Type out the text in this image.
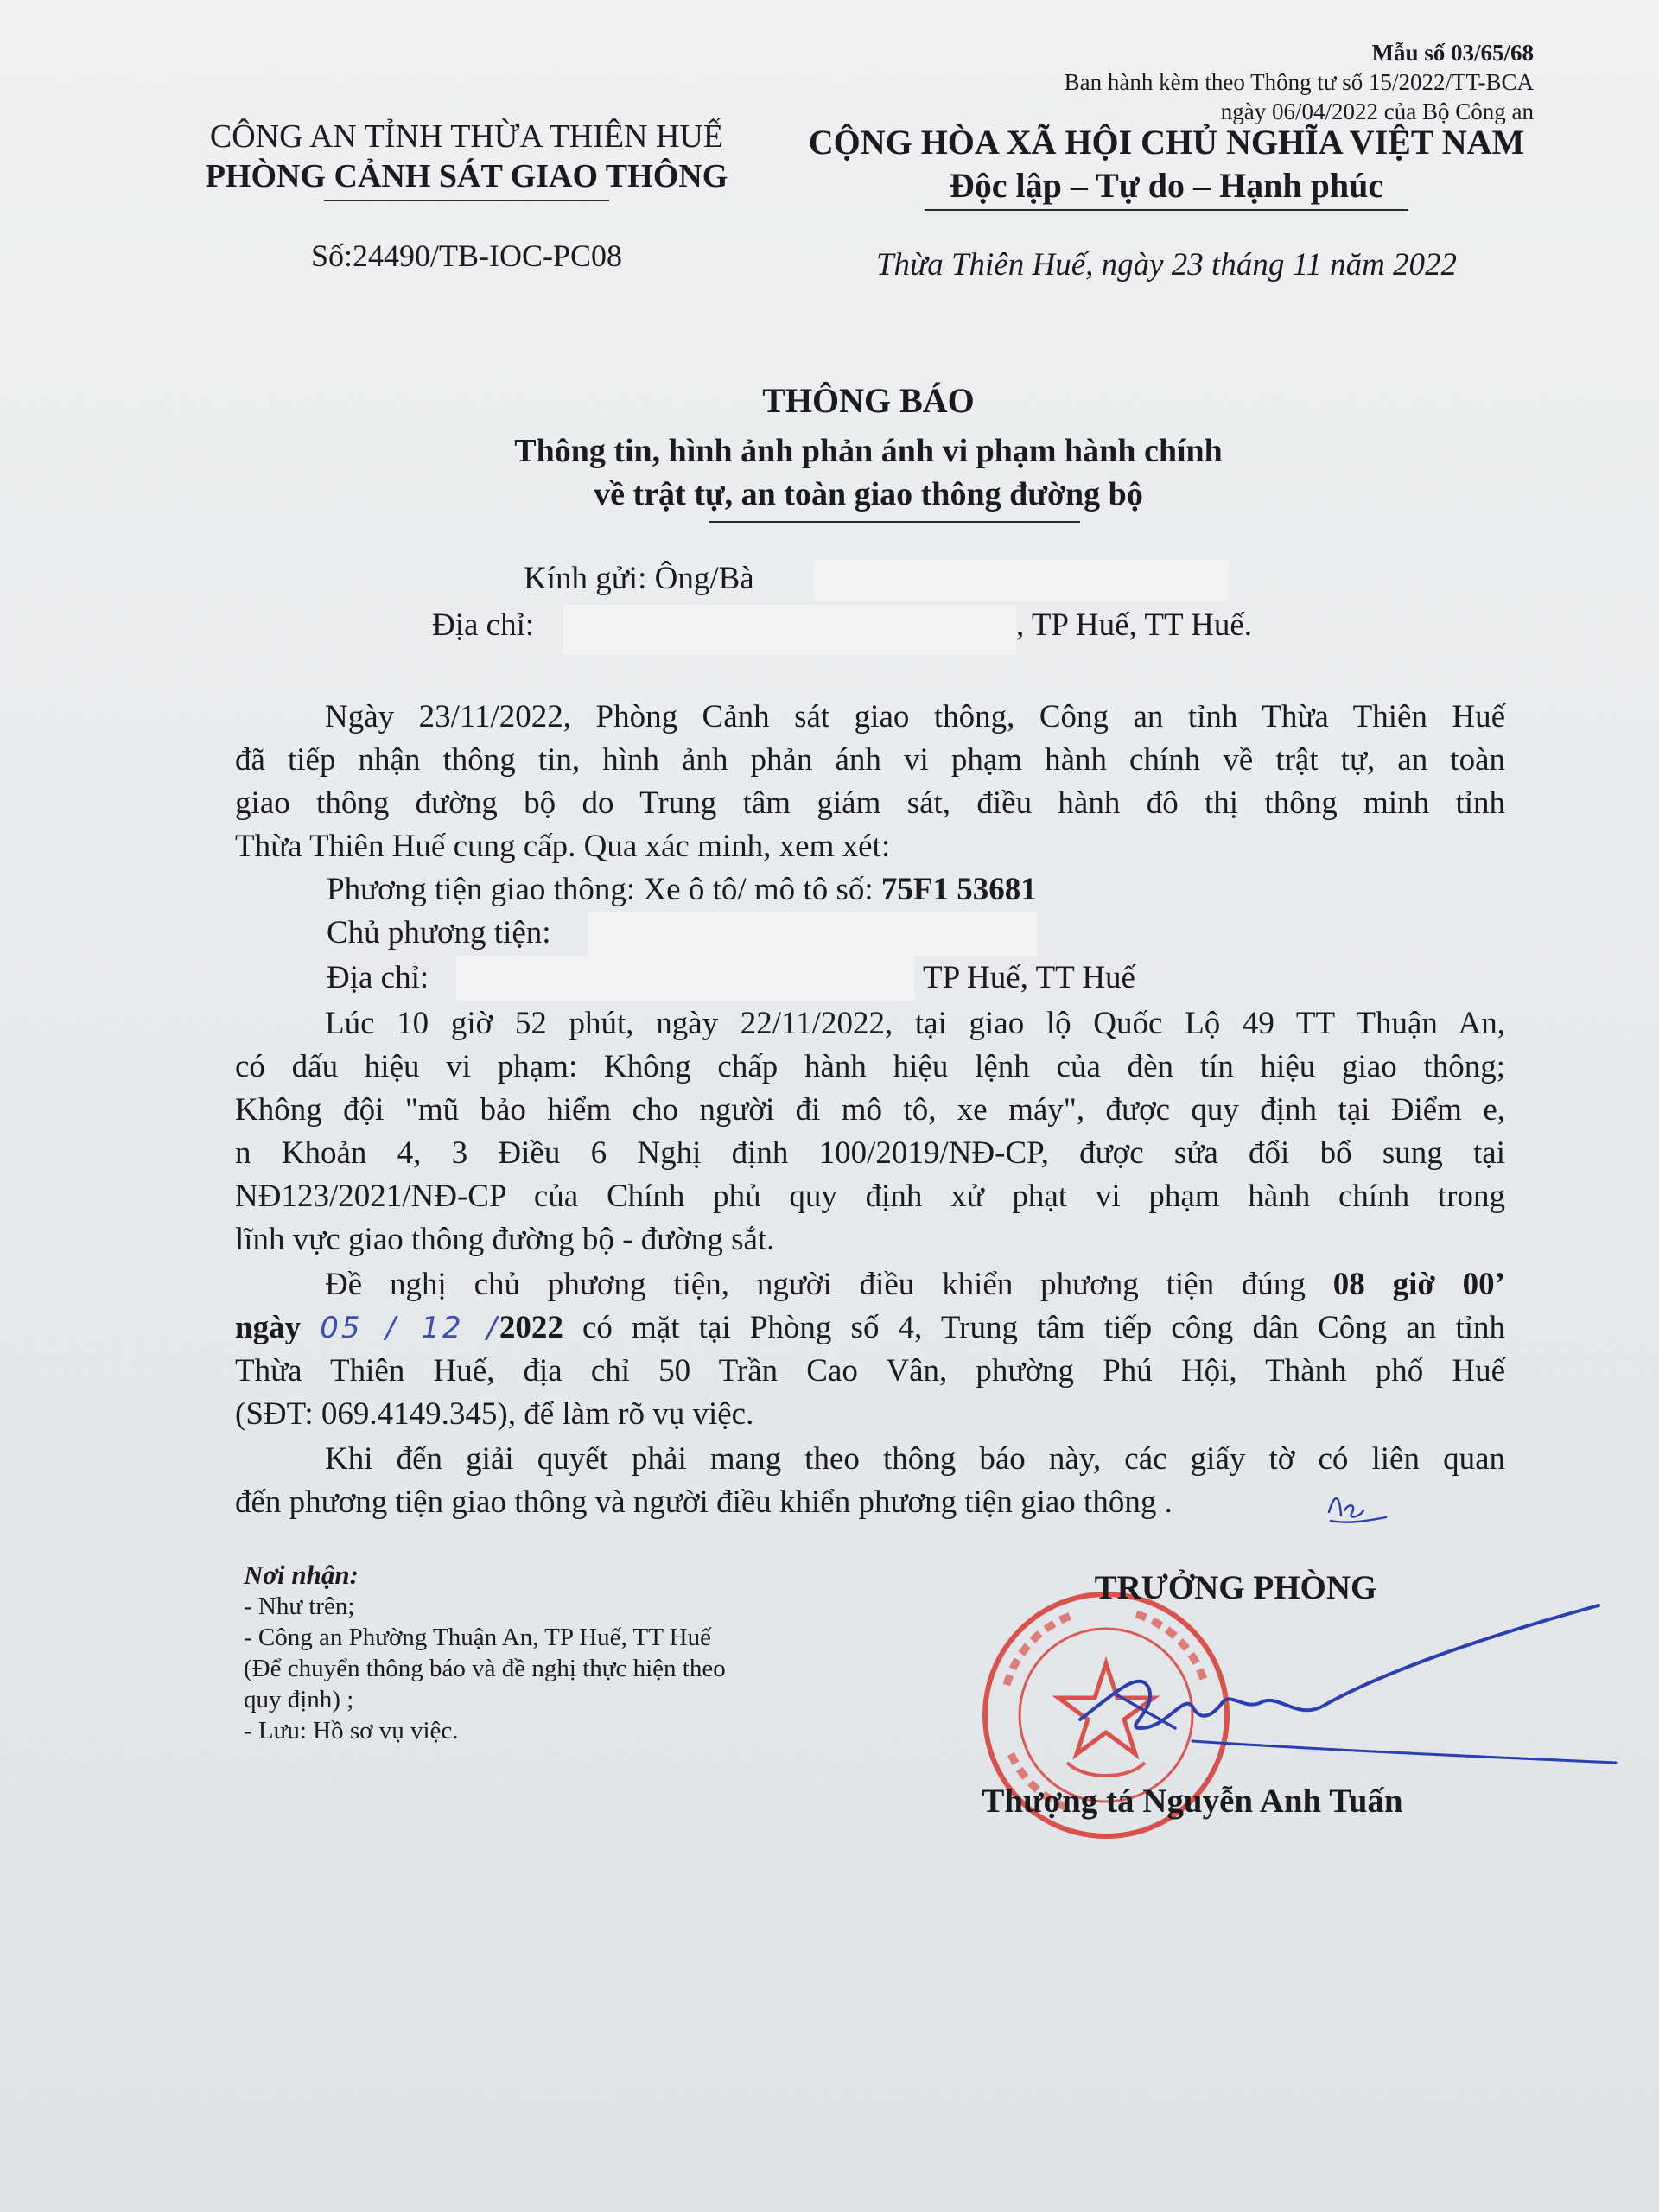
Mẫu số 03/65/68
Ban hành kèm theo Thông tư số 15/2022/TT-BCA
ngày 06/04/2022 của Bộ Công an
CÔNG AN TỈNH THỪA THIÊN HUẾ
PHÒNG CẢNH SÁT GIAO THÔNG
Số:24490/TB-IOC-PC08
CỘNG HÒA XÃ HỘI CHỦ NGHĨA VIỆT NAM
Độc lập – Tự do – Hạnh phúc
Thừa Thiên Huế, ngày 23 tháng 11 năm 2022
THÔNG BÁO
Thông tin, hình ảnh phản ánh vi phạm hành chính
về trật tự, an toàn giao thông đường bộ
Kính gửi: Ông/Bà
Địa chỉ:	, TP Huế, TT Huế.
Ngày 23/11/2022, Phòng Cảnh sát giao thông, Công an tỉnh Thừa Thiên Huế
đã tiếp nhận thông tin, hình ảnh phản ánh vi phạm hành chính về trật tự, an toàn
giao thông đường bộ do Trung tâm giám sát, điều hành đô thị thông minh tỉnh
Thừa Thiên Huế cung cấp. Qua xác minh, xem xét:
Phương tiện giao thông: Xe ô tô/ mô tô số: 75F1 53681
Chủ phương tiện:
Địa chỉ:	TP Huế, TT Huế
Lúc 10 giờ 52 phút, ngày 22/11/2022, tại giao lộ Quốc Lộ 49 TT Thuận An,
có dấu hiệu vi phạm: Không chấp hành hiệu lệnh của đèn tín hiệu giao thông;
Không đội "mũ bảo hiểm cho người đi mô tô, xe máy", được quy định tại Điểm e,
n Khoản 4, 3 Điều 6 Nghị định 100/2019/NĐ-CP, được sửa đổi bổ sung tại
NĐ123/2021/NĐ-CP của Chính phủ quy định xử phạt vi phạm hành chính trong
lĩnh vực giao thông đường bộ - đường sắt.
Đề nghị chủ phương tiện, người điều khiển phương tiện đúng 08 giờ 00’
ngày 05 / 12 /2022 có mặt tại Phòng số 4, Trung tâm tiếp công dân Công an tỉnh
Thừa Thiên Huế, địa chỉ 50 Trần Cao Vân, phường Phú Hội, Thành phố Huế
(SĐT: 069.4149.345), để làm rõ vụ việc.
Khi đến giải quyết phải mang theo thông báo này, các giấy tờ có liên quan
đến phương tiện giao thông và người điều khiển phương tiện giao thông .
Nơi nhận:
- Như trên;
- Công an Phường Thuận An, TP Huế, TT Huế
(Để chuyển thông báo và đề nghị thực hiện theo
quy định) ;
- Lưu: Hồ sơ vụ việc.
TRƯỞNG PHÒNG
Thượng tá Nguyễn Anh Tuấn
